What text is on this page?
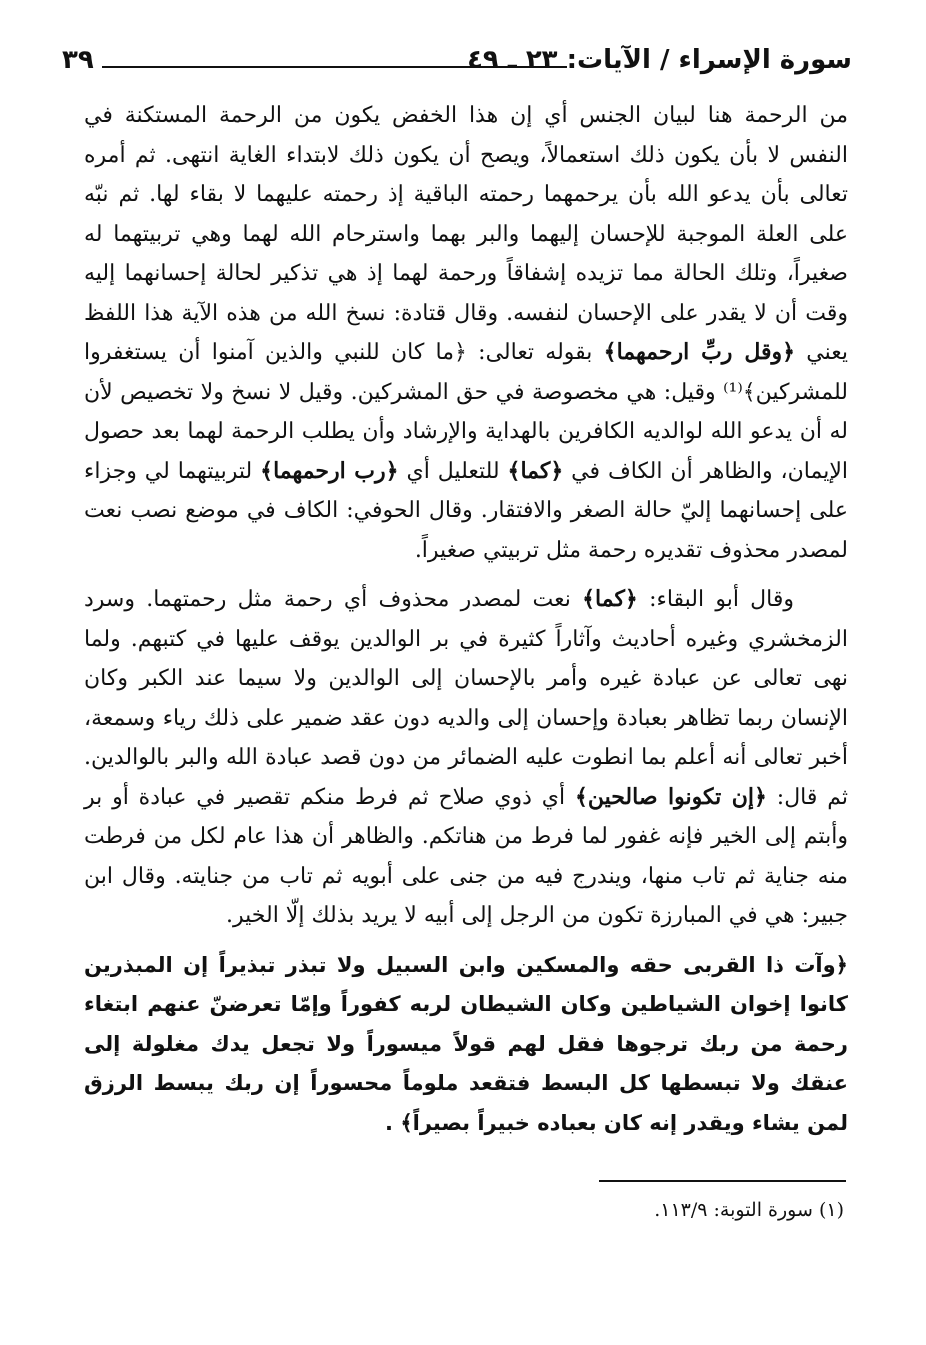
سورة الإسراء / الآيات: ٢٣ ـ ٤٩
٣٩

من الرحمة هنا لبيان الجنس أي إن هذا الخفض يكون من الرحمة المستكنة في النفس لا بأن يكون ذلك استعمالاً، ويصح أن يكون ذلك لابتداء الغاية انتهى. ثم أمره تعالى بأن يدعو الله بأن يرحمهما رحمته الباقية إذ رحمته عليهما لا بقاء لها. ثم نبّه على العلة الموجبة للإحسان إليهما والبر بهما واسترحام الله لهما وهي تربيتهما له صغيراً، وتلك الحالة مما تزيده إشفاقاً ورحمة لهما إذ هي تذكير لحالة إحسانهما إليه وقت أن لا يقدر على الإحسان لنفسه. وقال قتادة: نسخ الله من هذه الآية هذا اللفظ يعني ﴿وقل ربِّ ارحمهما﴾ بقوله تعالى: ﴿ما كان للنبي والذين آمنوا أن يستغفروا للمشركين﴾⁽¹⁾ وقيل: هي مخصوصة في حق المشركين. وقيل لا نسخ ولا تخصيص لأن له أن يدعو الله لوالديه الكافرين بالهداية والإرشاد وأن يطلب الرحمة لهما بعد حصول الإيمان، والظاهر أن الكاف في ﴿كما﴾ للتعليل أي ﴿رب ارحمهما﴾ لتربيتهما لي وجزاء على إحسانهما إليّ حالة الصغر والافتقار. وقال الحوفي: الكاف في موضع نصب نعت لمصدر محذوف تقديره رحمة مثل تربيتي صغيراً.

وقال أبو البقاء: ﴿كما﴾ نعت لمصدر محذوف أي رحمة مثل رحمتهما. وسرد الزمخشري وغيره أحاديث وآثاراً كثيرة في بر الوالدين يوقف عليها في كتبهم. ولما نهى تعالى عن عبادة غيره وأمر بالإحسان إلى الوالدين ولا سيما عند الكبر وكان الإنسان ربما تظاهر بعبادة وإحسان إلى والديه دون عقد ضمير على ذلك رياء وسمعة، أخبر تعالى أنه أعلم بما انطوت عليه الضمائر من دون قصد عبادة الله والبر بالوالدين. ثم قال: ﴿إن تكونوا صالحين﴾ أي ذوي صلاح ثم فرط منكم تقصير في عبادة أو بر وأبتم إلى الخير فإنه غفور لما فرط من هناتكم. والظاهر أن هذا عام لكل من فرطت منه جناية ثم تاب منها، ويندرج فيه من جنى على أبويه ثم تاب من جنايته. وقال ابن جبير: هي في المبارزة تكون من الرجل إلى أبيه لا يريد بذلك إلّا الخير.

﴿وآت ذا القربى حقه والمسكين وابن السبيل ولا تبذر تبذيراً إن المبذرين كانوا إخوان الشياطين وكان الشيطان لربه كفوراً وإمّا تعرضنّ عنهم ابتغاء رحمة من ربك ترجوها فقل لهم قولاً ميسوراً ولا تجعل يدك مغلولة إلى عنقك ولا تبسطها كل البسط فتقعد ملوماً محسوراً إن ربك يبسط الرزق لمن يشاء ويقدر إنه كان بعباده خبيراً بصيراً﴾ .

(١) سورة التوبة: ١١٣/٩.
